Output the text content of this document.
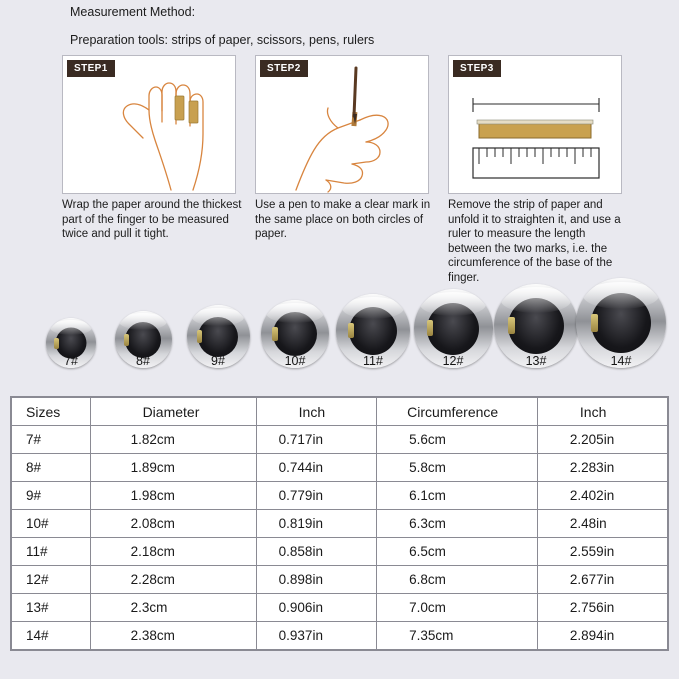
Measurement Method:
Preparation tools: strips of paper, scissors, pens, rulers
STEP1	STEP2	STEP3
Wrap the paper around the thickest part of the finger to be measured twice and pull it tight.
Use a pen to make a clear mark in the same place on both circles of paper.
Remove the strip of paper and unfold it to straighten it, and use a ruler to measure the length between the two marks, i.e. the circumference of the base of the finger.
7#	8#	9#	10#	11#	12#	13#	14#
Sizes	Diameter	Inch	Circumference	Inch
7#	1.82cm	0.717in	5.6cm	2.205in
8#	1.89cm	0.744in	5.8cm	2.283in
9#	1.98cm	0.779in	6.1cm	2.402in
10#	2.08cm	0.819in	6.3cm	2.48in
11#	2.18cm	0.858in	6.5cm	2.559in
12#	2.28cm	0.898in	6.8cm	2.677in
13#	2.3cm	0.906in	7.0cm	2.756in
14#	2.38cm	0.937in	7.35cm	2.894in
